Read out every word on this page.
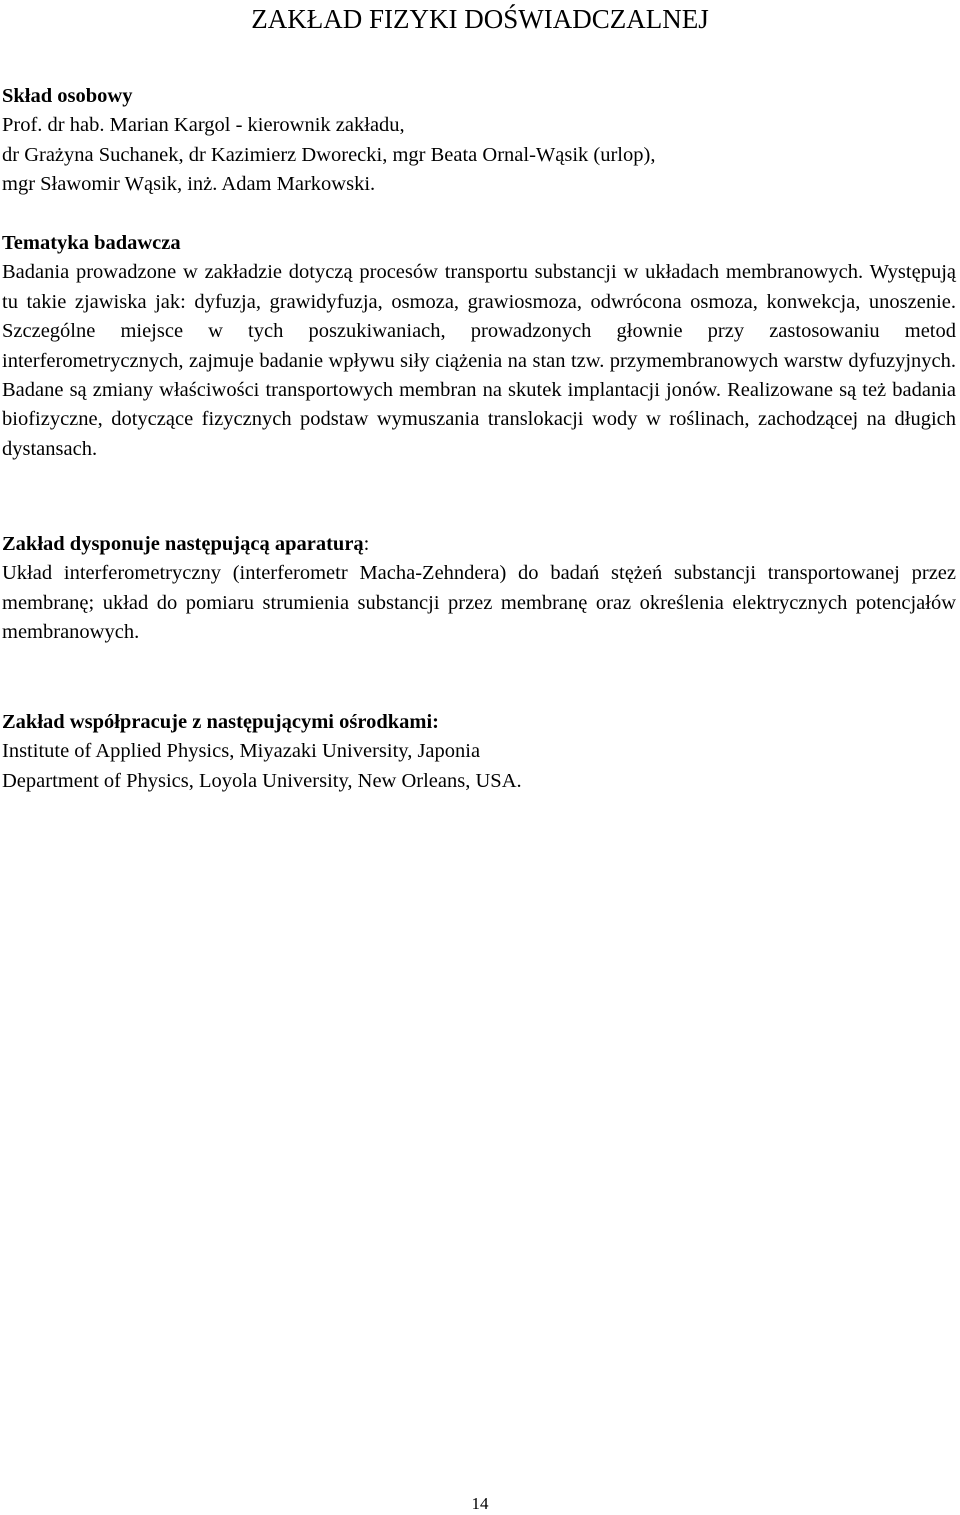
ZAKŁAD FIZYKI DOŚWIADCZALNEJ
Skład osobowy
Prof. dr hab. Marian Kargol - kierownik zakładu,
dr Grażyna Suchanek, dr Kazimierz Dworecki, mgr Beata Ornal-Wąsik (urlop),
mgr Sławomir Wąsik, inż. Adam Markowski.
Tematyka badawcza
Badania prowadzone w zakładzie dotyczą procesów transportu substancji w układach membranowych. Występują tu takie zjawiska jak: dyfuzja, grawidyfuzja, osmoza, grawiosmoza, odwrócona osmoza, konwekcja, unoszenie. Szczególne miejsce w tych poszukiwaniach, prowadzonych głownie przy zastosowaniu metod interferometrycznych, zajmuje badanie wpływu siły ciążenia na stan tzw. przymembranowych warstw dyfuzyjnych. Badane są zmiany właściwości transportowych membran na skutek implantacji jonów. Realizowane są też badania biofizyczne, dotyczące fizycznych podstaw wymuszania translokacji wody w roślinach, zachodzącej na długich dystansach.
Zakład dysponuje następującą aparaturą:
Układ interferometryczny (interferometr Macha-Zehndera) do badań stężeń substancji transportowanej przez membranę; układ do pomiaru strumienia substancji przez membranę oraz określenia elektrycznych potencjałów membranowych.
Zakład współpracuje z następującymi ośrodkami:
Institute of Applied Physics, Miyazaki University, Japonia
Department of Physics, Loyola University, New Orleans, USA.
14
